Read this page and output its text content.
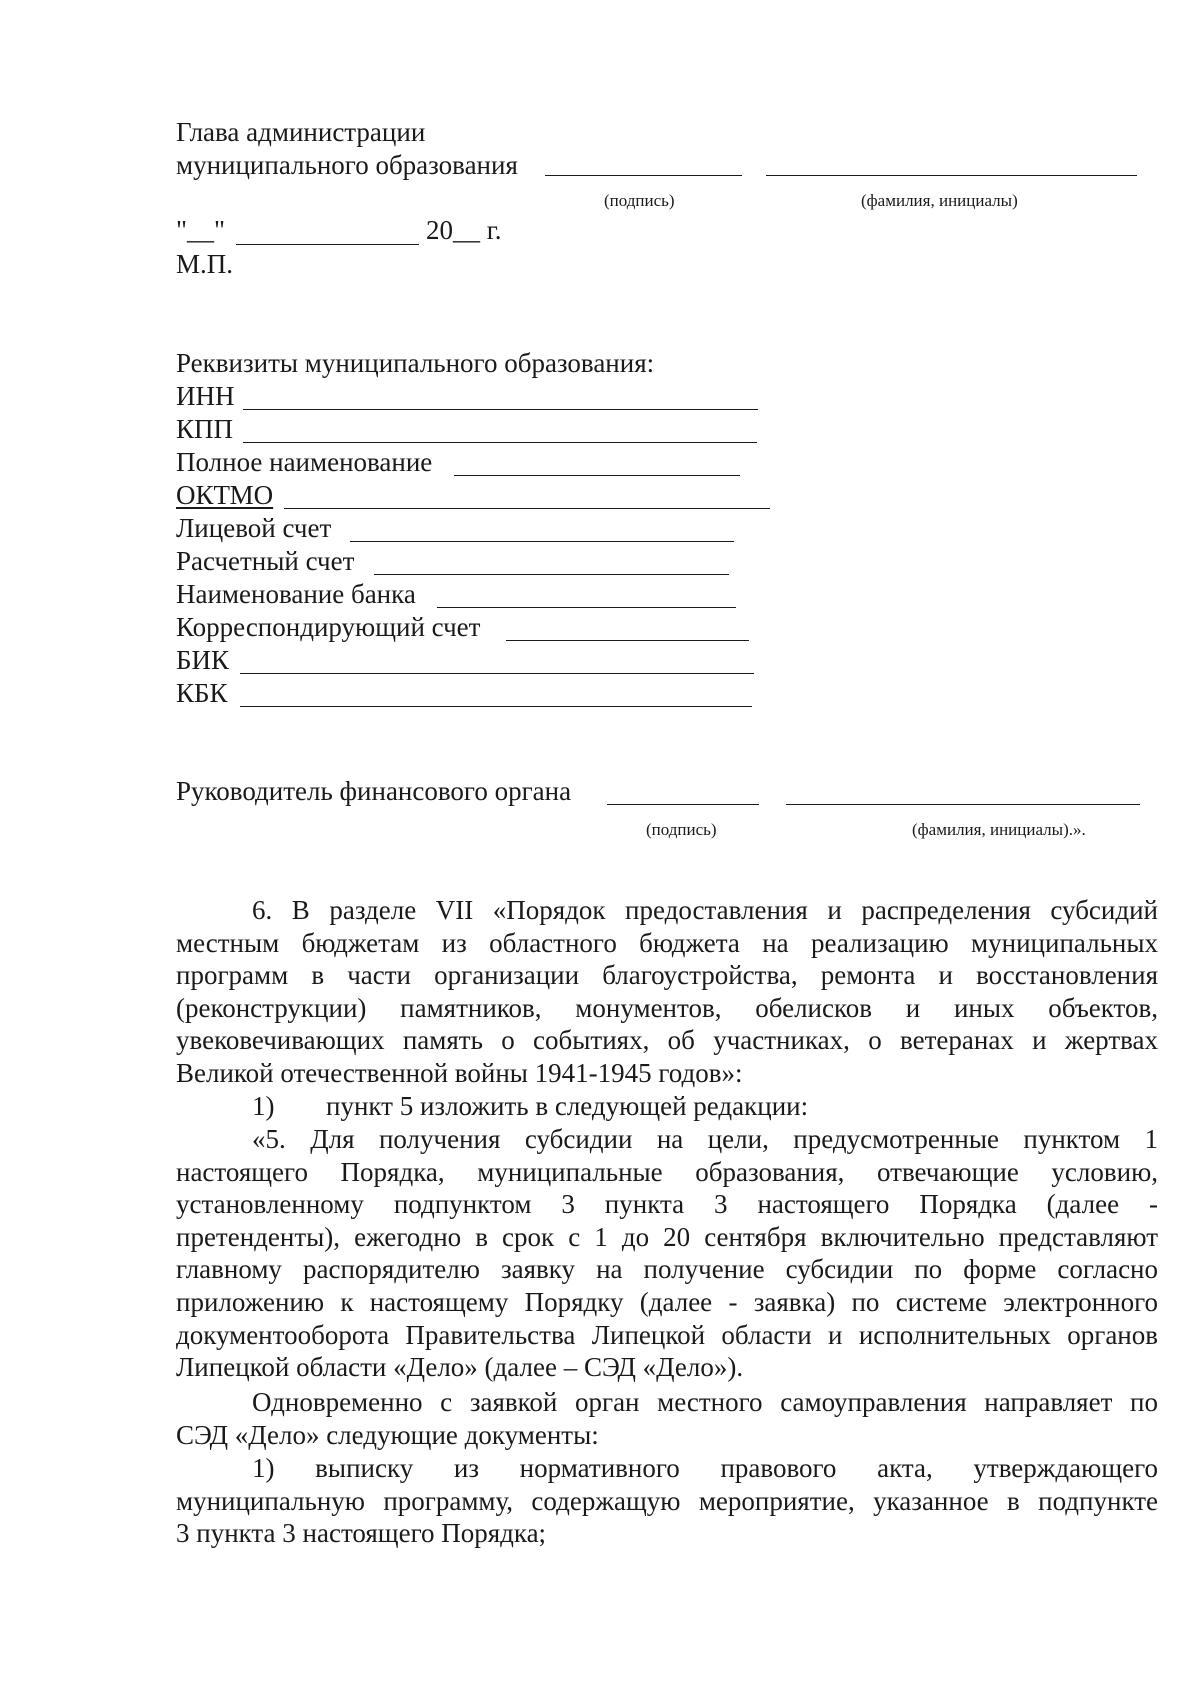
Глава администрации
муниципального образования
(подпись)	(фамилия, инициалы)
"__"	20__ г.
М.П.
Реквизиты муниципального образования:
ИНН
КПП
Полное наименование
ОКТМО
Лицевой счет
Расчетный счет
Наименование банка
Корреспондирующий счет
БИК
КБК
Руководитель финансового органа
(подпись)	(фамилия, инициалы).».
6. В разделе VII «Порядок предоставления и распределения субсидий
местным бюджетам из областного бюджета на реализацию муниципальных
программ в части организации благоустройства, ремонта и восстановления
(реконструкции) памятников, монументов, обелисков и иных объектов,
увековечивающих память о событиях, об участниках, о ветеранах и жертвах
Великой отечественной войны 1941-1945 годов»:
1) пункт 5 изложить в следующей редакции:
«5. Для получения субсидии на цели, предусмотренные пунктом 1
настоящего Порядка, муниципальные образования, отвечающие условию,
установленному подпунктом 3 пункта 3 настоящего Порядка (далее -
претенденты), ежегодно в срок с 1 до 20 сентября включительно представляют
главному распорядителю заявку на получение субсидии по форме согласно
приложению к настоящему Порядку (далее - заявка) по системе электронного
документооборота Правительства Липецкой области и исполнительных органов
Липецкой области «Дело» (далее – СЭД «Дело»).
Одновременно с заявкой орган местного самоуправления направляет по
СЭД «Дело» следующие документы:
1) выписку из нормативного правового акта, утверждающего
муниципальную программу, содержащую мероприятие, указанное в подпункте
3 пункта 3 настоящего Порядка;
